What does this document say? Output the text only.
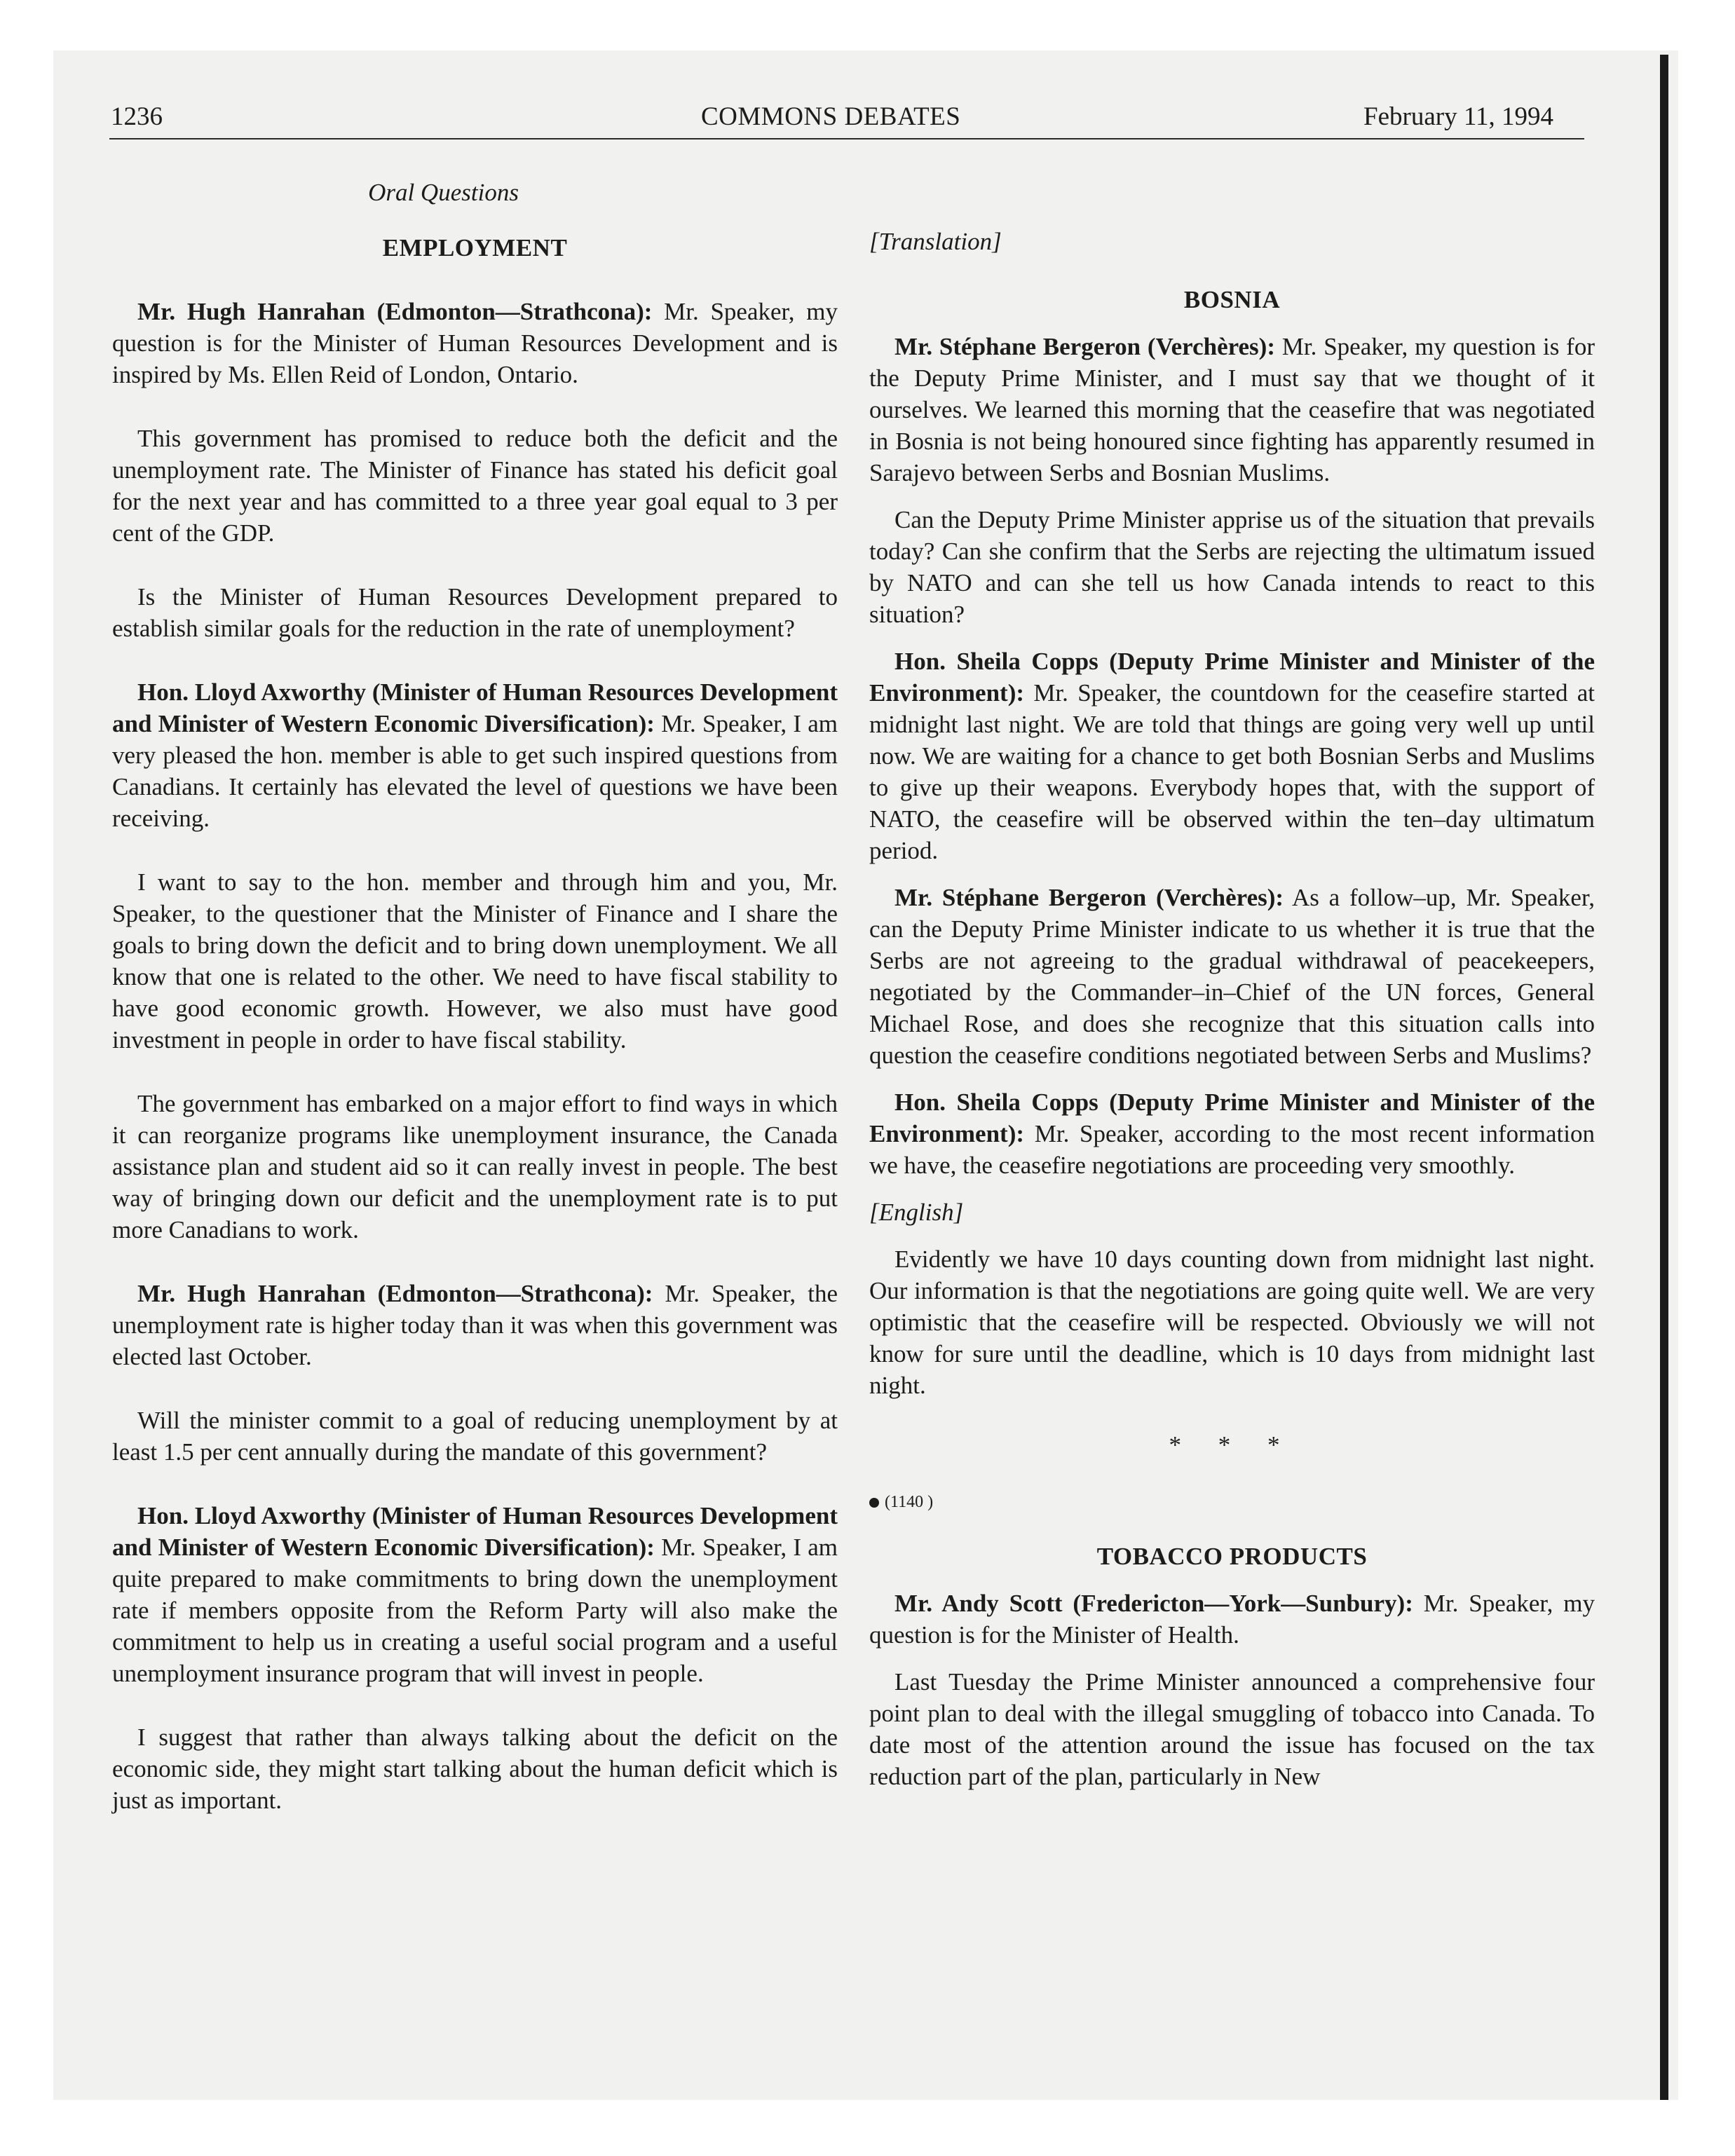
1236	COMMONS DEBATES	February 11, 1994
Oral Questions
EMPLOYMENT

Mr. Hugh Hanrahan (Edmonton—Strathcona): Mr. Speaker, my question is for the Minister of Human Resources Development and is inspired by Ms. Ellen Reid of London, Ontario.

This government has promised to reduce both the deficit and the unemployment rate. The Minister of Finance has stated his deficit goal for the next year and has committed to a three year goal equal to 3 per cent of the GDP.

Is the Minister of Human Resources Development prepared to establish similar goals for the reduction in the rate of unemployment?

Hon. Lloyd Axworthy (Minister of Human Resources Development and Minister of Western Economic Diversification): Mr. Speaker, I am very pleased the hon. member is able to get such inspired questions from Canadians. It certainly has elevated the level of questions we have been receiving.

I want to say to the hon. member and through him and you, Mr. Speaker, to the questioner that the Minister of Finance and I share the goals to bring down the deficit and to bring down unemployment. We all know that one is related to the other. We need to have fiscal stability to have good economic growth. However, we also must have good investment in people in order to have fiscal stability.

The government has embarked on a major effort to find ways in which it can reorganize programs like unemployment insurance, the Canada assistance plan and student aid so it can really invest in people. The best way of bringing down our deficit and the unemployment rate is to put more Canadians to work.

Mr. Hugh Hanrahan (Edmonton—Strathcona): Mr. Speaker, the unemployment rate is higher today than it was when this government was elected last October.

Will the minister commit to a goal of reducing unemployment by at least 1.5 per cent annually during the mandate of this government?

Hon. Lloyd Axworthy (Minister of Human Resources Development and Minister of Western Economic Diversification): Mr. Speaker, I am quite prepared to make commitments to bring down the unemployment rate if members opposite from the Reform Party will also make the commitment to help us in creating a useful social program and a useful unemployment insurance program that will invest in people.

I suggest that rather than always talking about the deficit on the economic side, they might start talking about the human deficit which is just as important.

[Translation]
BOSNIA

Mr. Stéphane Bergeron (Verchères): Mr. Speaker, my question is for the Deputy Prime Minister, and I must say that we thought of it ourselves. We learned this morning that the ceasefire that was negotiated in Bosnia is not being honoured since fighting has apparently resumed in Sarajevo between Serbs and Bosnian Muslims.

Can the Deputy Prime Minister apprise us of the situation that prevails today? Can she confirm that the Serbs are rejecting the ultimatum issued by NATO and can she tell us how Canada intends to react to this situation?

Hon. Sheila Copps (Deputy Prime Minister and Minister of the Environment): Mr. Speaker, the countdown for the ceasefire started at midnight last night. We are told that things are going very well up until now. We are waiting for a chance to get both Bosnian Serbs and Muslims to give up their weapons. Everybody hopes that, with the support of NATO, the ceasefire will be observed within the ten–day ultimatum period.

Mr. Stéphane Bergeron (Verchères): As a follow–up, Mr. Speaker, can the Deputy Prime Minister indicate to us whether it is true that the Serbs are not agreeing to the gradual withdrawal of peacekeepers, negotiated by the Commander–in–Chief of the UN forces, General Michael Rose, and does she recognize that this situation calls into question the ceasefire conditions negotiated between Serbs and Muslims?

Hon. Sheila Copps (Deputy Prime Minister and Minister of the Environment): Mr. Speaker, according to the most recent information we have, the ceasefire negotiations are proceeding very smoothly.

[English]

Evidently we have 10 days counting down from midnight last night. Our information is that the negotiations are going quite well. We are very optimistic that the ceasefire will be respected. Obviously we will not know for sure until the deadline, which is 10 days from midnight last night.

* * *
(1140 )
TOBACCO PRODUCTS

Mr. Andy Scott (Fredericton—York—Sunbury): Mr. Speaker, my question is for the Minister of Health.

Last Tuesday the Prime Minister announced a comprehensive four point plan to deal with the illegal smuggling of tobacco into Canada. To date most of the attention around the issue has focused on the tax reduction part of the plan, particularly in New
